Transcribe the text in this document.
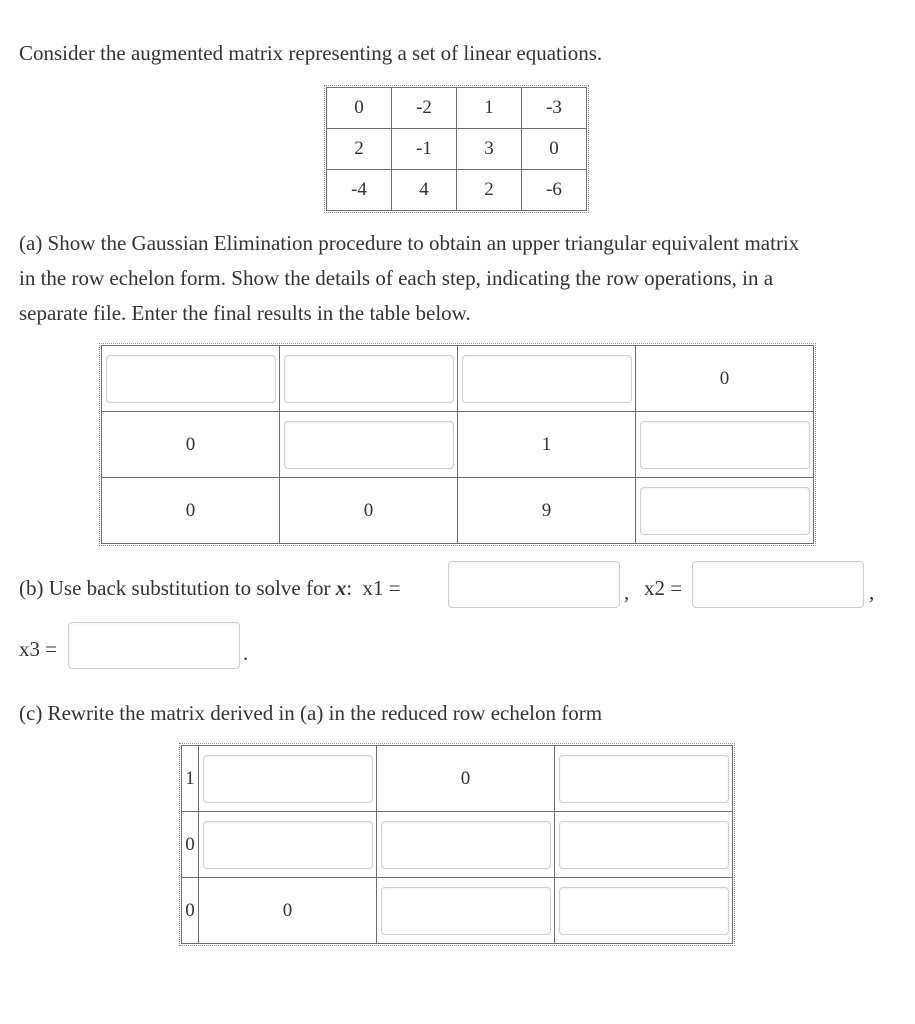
Consider the augmented matrix representing a set of linear equations.
0	-2	1	-3
2	-1	3	0
-4	4	2	-6

(a) Show the Gaussian Elimination procedure to obtain an upper triangular equivalent matrix

in the row echelon form. Show the details of each step, indicating the row operations, in a

separate file. Enter the final results in the table below.

			0
0		1	
0	0	9	
(b) Use back substitution to solve for x: x1 =	, x2 =	,
x3 =	.
(c) Rewrite the matrix derived in (a) in the reduced row echelon form
1		0	
0			
0	0		
